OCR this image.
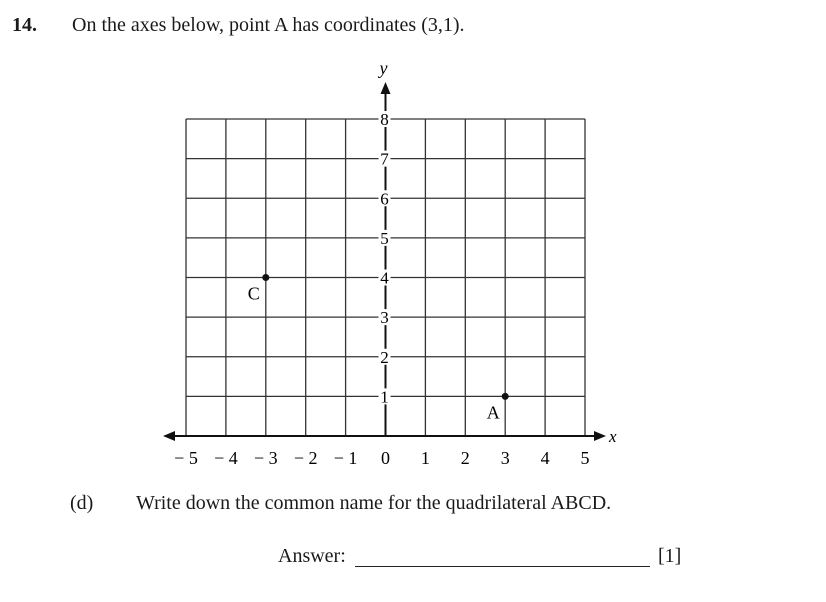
14. On the axes below, point A has coordinates (3,1).
x
y
− 5 − 4 − 3 − 2 − 1 0 1 2 3 4 5
1
2
3
4
5
6
7
8
A
C
(d) Write down the common name for the quadrilateral ABCD.
Answer:	[1]
